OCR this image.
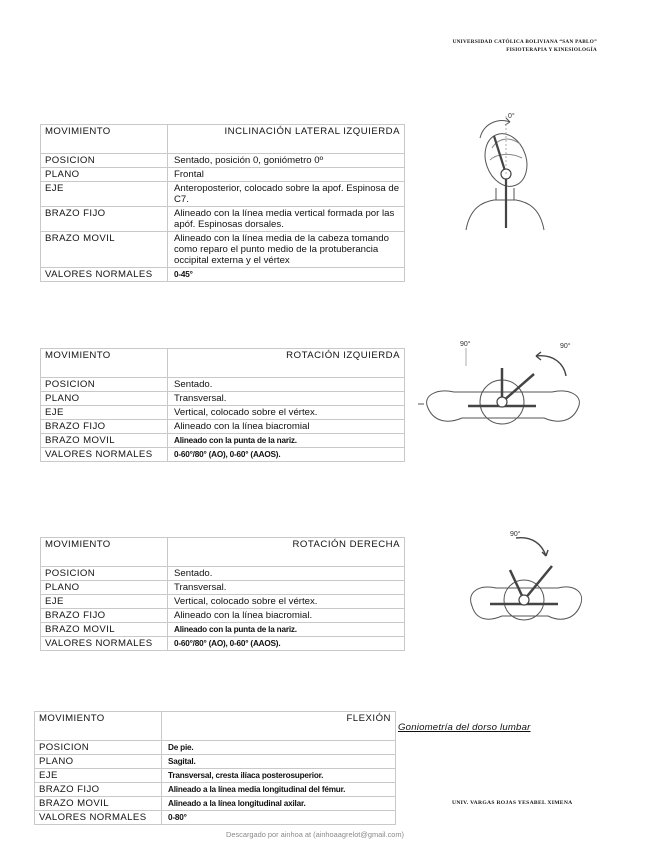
UNIVERSIDAD CATÓLICA BOLIVIANA “SAN PABLO”
FISIOTERAPIA Y KINESIOLOGÍA
MOVIMIENTO	INCLINACIÓN LATERAL IZQUIERDA
POSICION	Sentado, posición 0, goniómetro 0º
PLANO	Frontal
EJE	Anteroposterior, colocado sobre la apof. Espinosa de C7.
BRAZO FIJO	Alineado con la línea media vertical formada por las apóf. Espinosas dorsales.
BRAZO MOVIL	Alineado con la línea media de la cabeza tomando como reparo el punto medio de la protuberancia occipital externa y el vértex
VALORES NORMALES	0-45°
MOVIMIENTO	ROTACIÓN IZQUIERDA
POSICION	Sentado.
PLANO	Transversal.
EJE	Vertical, colocado sobre el vértex.
BRAZO FIJO	Alineado con la línea biacromial
BRAZO MOVIL	Alineado con la punta de la nariz.
VALORES NORMALES	0-60°/80° (AO), 0-60° (AAOS).
MOVIMIENTO	ROTACIÓN DERECHA
POSICION	Sentado.
PLANO	Transversal.
EJE	Vertical, colocado sobre el vértex.
BRAZO FIJO	Alineado con la línea biacromial.
BRAZO MOVIL	Alineado con la punta de la nariz.
VALORES NORMALES	0-60°/80° (AO), 0-60° (AAOS).
MOVIMIENTO	FLEXIÓN
POSICION	De pie.
PLANO	Sagital.
EJE	Transversal, cresta ilíaca posterosuperior.
BRAZO FIJO	Alineado a la línea media longitudinal del fémur.
BRAZO MOVIL	Alineado a la línea longitudinal axilar.
VALORES NORMALES	0-80°
0°
90°	90°
90°
Goniometría del dorso lumbar
UNIV. VARGAS ROJAS YESABEL XIMENA
Descargado por ainhoa at (ainhoaagrelot@gmail.com)
